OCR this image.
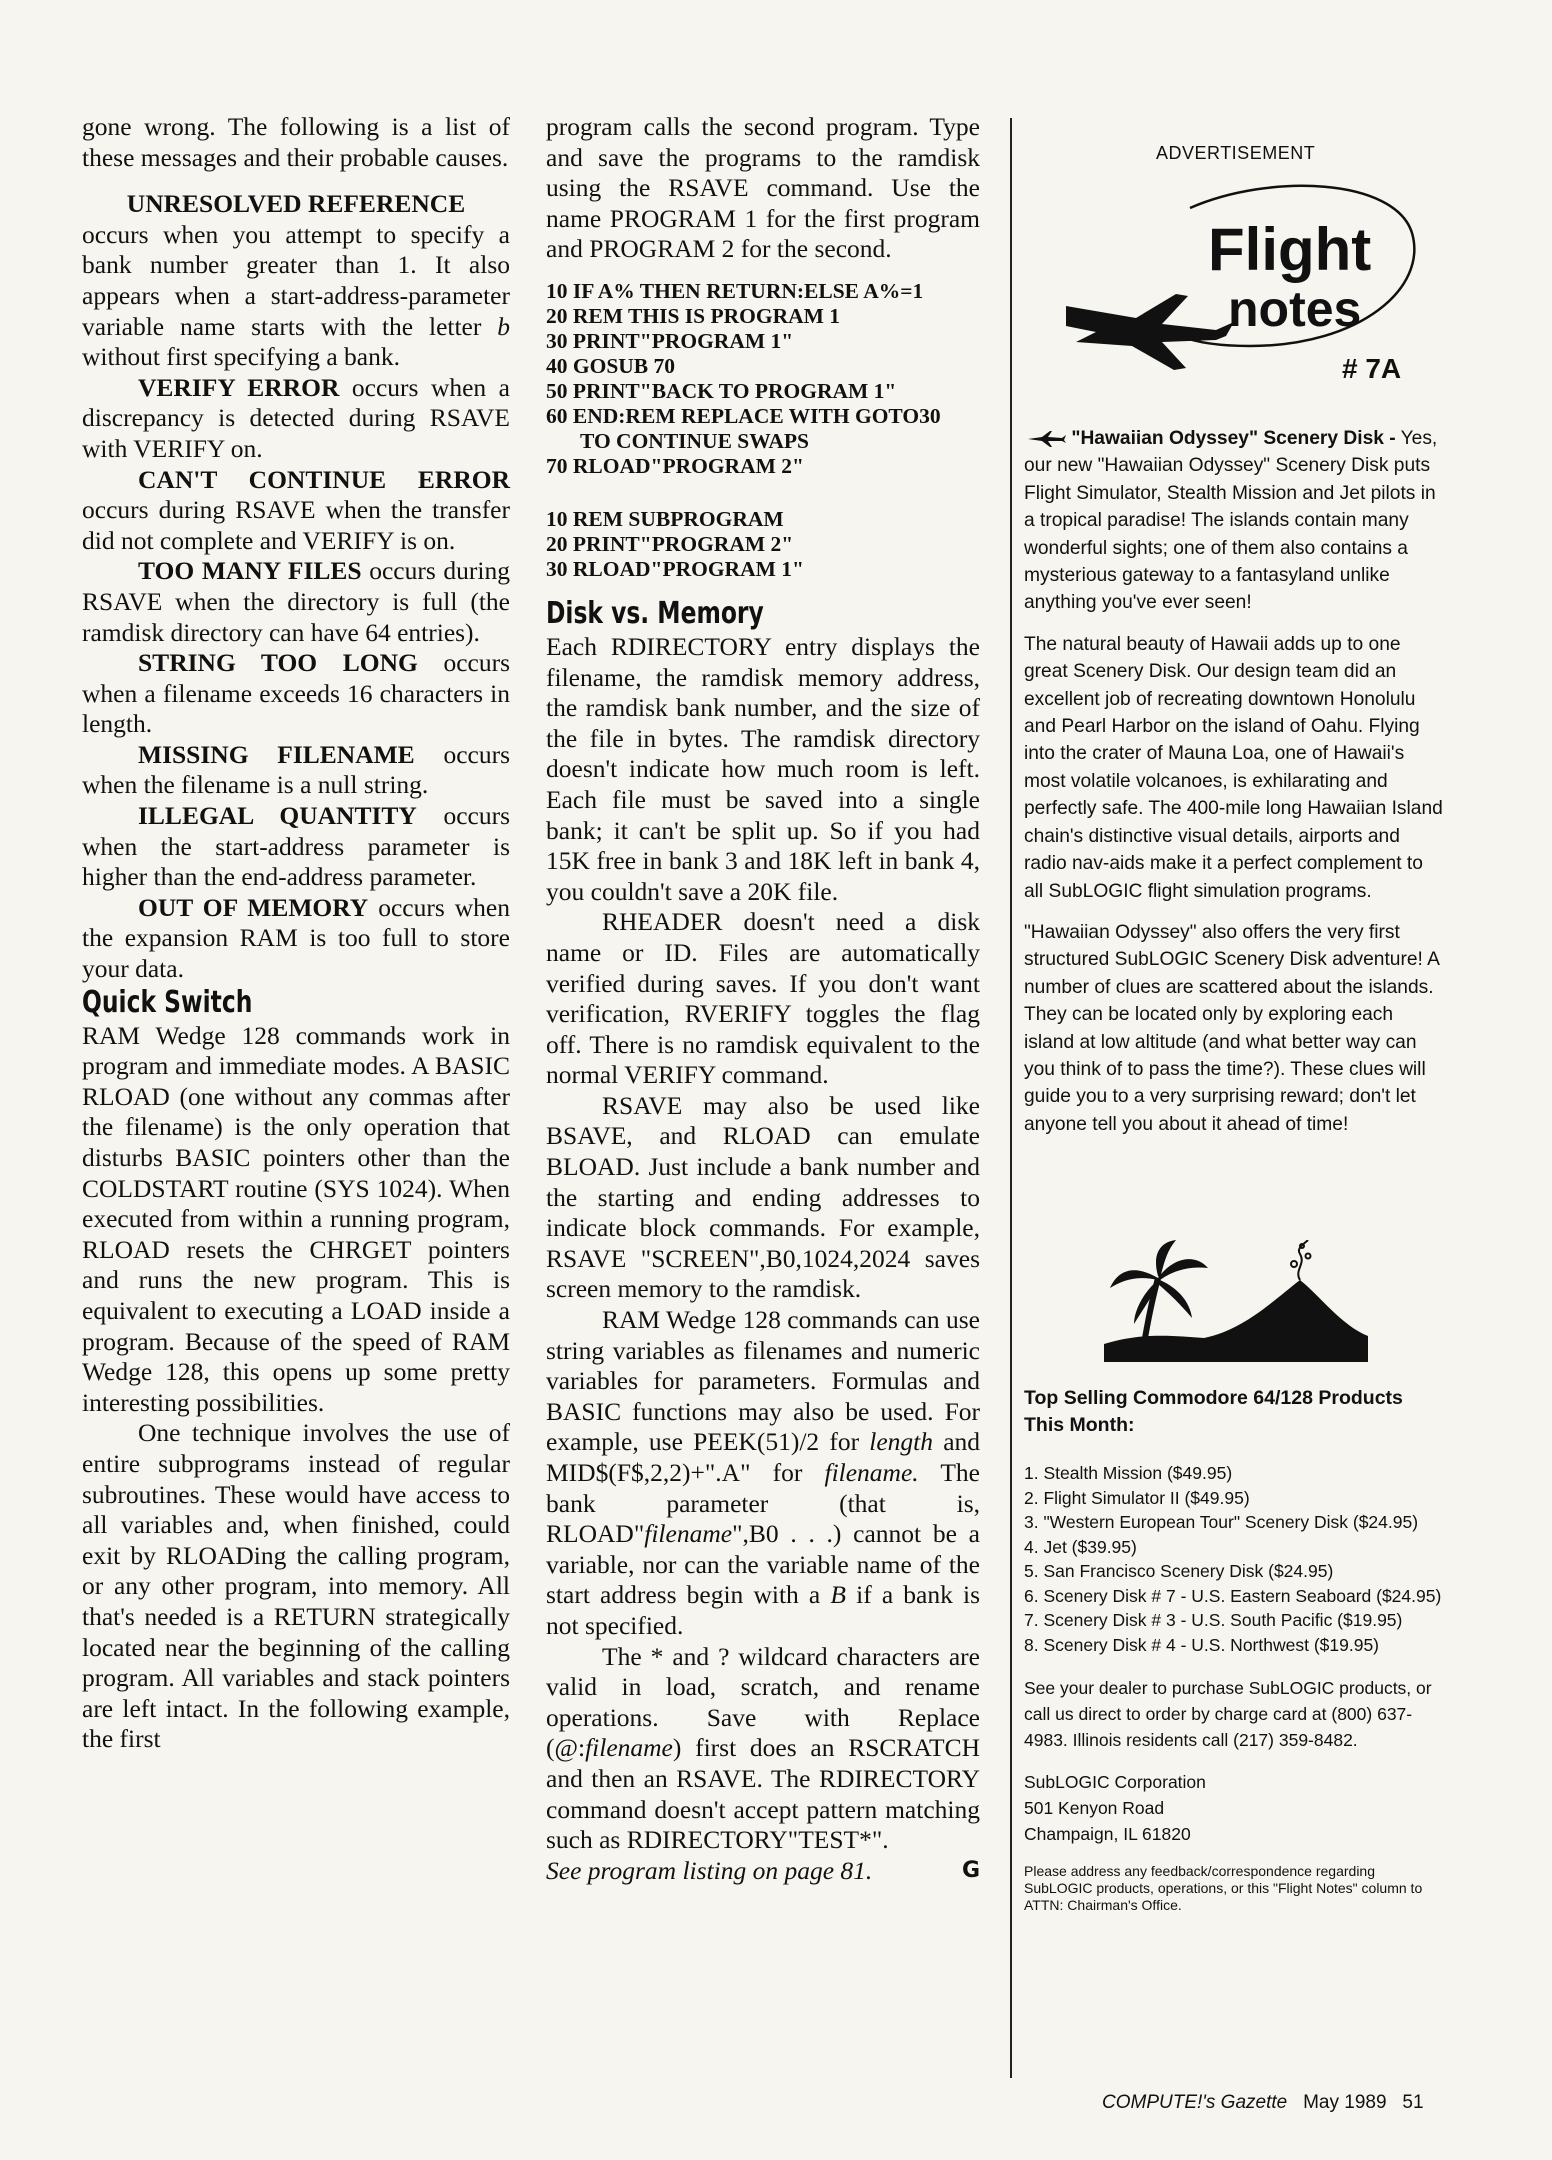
gone wrong. The following is a list of these messages and their probable causes.

UNRESOLVED REFERENCE

occurs when you attempt to specify a bank number greater than 1. It also appears when a start-address-parameter variable name starts with the letter b without first specifying a bank.

VERIFY ERROR occurs when a discrepancy is detected during RSAVE with VERIFY on.

CAN'T CONTINUE ERROR occurs during RSAVE when the transfer did not complete and VERIFY is on.

TOO MANY FILES occurs during RSAVE when the directory is full (the ramdisk directory can have 64 entries).

STRING TOO LONG occurs when a filename exceeds 16 characters in length.

MISSING FILENAME occurs when the filename is a null string.

ILLEGAL QUANTITY occurs when the start-address parameter is higher than the end-address parameter.

OUT OF MEMORY occurs when the expansion RAM is too full to store your data.

Quick Switch

RAM Wedge 128 commands work in program and immediate modes. A BASIC RLOAD (one without any commas after the filename) is the only operation that disturbs BASIC pointers other than the COLDSTART routine (SYS 1024). When executed from within a running program, RLOAD resets the CHRGET pointers and runs the new program. This is equivalent to executing a LOAD inside a program. Because of the speed of RAM Wedge 128, this opens up some pretty interesting possibilities.

One technique involves the use of entire subprograms instead of regular subroutines. These would have access to all variables and, when finished, could exit by RLOADing the calling program, or any other program, into memory. All that's needed is a RETURN strategically located near the beginning of the calling program. All variables and stack pointers are left intact. In the following example, the first

program calls the second program. Type and save the programs to the ramdisk using the RSAVE command. Use the name PROGRAM 1 for the first program and PROGRAM 2 for the second.

10 IF A% THEN RETURN:ELSE A%=1
20 REM THIS IS PROGRAM 1
30 PRINT"PROGRAM 1"
40 GOSUB 70
50 PRINT"BACK TO PROGRAM 1"
60 END:REM REPLACE WITH GOTO30
TO CONTINUE SWAPS
70 RLOAD"PROGRAM 2"
10 REM SUBPROGRAM
20 PRINT"PROGRAM 2"
30 RLOAD"PROGRAM 1"

Disk vs. Memory

Each RDIRECTORY entry displays the filename, the ramdisk memory address, the ramdisk bank number, and the size of the file in bytes. The ramdisk directory doesn't indicate how much room is left. Each file must be saved into a single bank; it can't be split up. So if you had 15K free in bank 3 and 18K left in bank 4, you couldn't save a 20K file.

RHEADER doesn't need a disk name or ID. Files are automatically verified during saves. If you don't want verification, RVERIFY toggles the flag off. There is no ramdisk equivalent to the normal VERIFY command.

RSAVE may also be used like BSAVE, and RLOAD can emulate BLOAD. Just include a bank number and the starting and ending addresses to indicate block commands. For example, RSAVE "SCREEN",B0,1024,2024 saves screen memory to the ramdisk.

RAM Wedge 128 commands can use string variables as filenames and numeric variables for parameters. Formulas and BASIC functions may also be used. For example, use PEEK(51)/2 for length and MID$(F$,2,2)+".A" for filename. The bank parameter (that is, RLOAD"filename",B0 . . .) cannot be a variable, nor can the variable name of the start address begin with a B if a bank is not specified.

The * and ? wildcard characters are valid in load, scratch, and rename operations. Save with Replace (@:filename) first does an RSCRATCH and then an RSAVE. The RDIRECTORY command doesn't accept pattern matching such as RDIRECTORY"TEST*".

See program listing on page 81.	G

ADVERTISEMENT
Flight
notes
# 7A

"Hawaiian Odyssey" Scenery Disk - Yes, our new "Hawaiian Odyssey" Scenery Disk puts Flight Simulator, Stealth Mission and Jet pilots in a tropical paradise! The islands contain many wonderful sights; one of them also contains a mysterious gateway to a fantasyland unlike anything you've ever seen!

The natural beauty of Hawaii adds up to one great Scenery Disk. Our design team did an excellent job of recreating downtown Honolulu and Pearl Harbor on the island of Oahu. Flying into the crater of Mauna Loa, one of Hawaii's most volatile volcanoes, is exhilarating and perfectly safe. The 400-mile long Hawaiian Island chain's distinctive visual details, airports and radio nav-aids make it a perfect complement to all SubLOGIC flight simulation programs.

"Hawaiian Odyssey" also offers the very first structured SubLOGIC Scenery Disk adventure! A number of clues are scattered about the islands. They can be located only by exploring each island at low altitude (and what better way can you think of to pass the time?). These clues will guide you to a very surprising reward; don't let anyone tell you about it ahead of time!

Top Selling Commodore 64/128 Products This Month:

1. Stealth Mission ($49.95)
2. Flight Simulator II ($49.95)
3. "Western European Tour" Scenery Disk ($24.95)
4. Jet ($39.95)
5. San Francisco Scenery Disk ($24.95)
6. Scenery Disk # 7 - U.S. Eastern Seaboard ($24.95)
7. Scenery Disk # 3 - U.S. South Pacific ($19.95)
8. Scenery Disk # 4 - U.S. Northwest ($19.95)

See your dealer to purchase SubLOGIC products, or call us direct to order by charge card at (800) 637-4983. Illinois residents call (217) 359-8482.

SubLOGIC Corporation
501 Kenyon Road
Champaign, IL 61820

Please address any feedback/correspondence regarding SubLOGIC products, operations, or this "Flight Notes" column to ATTN: Chairman's Office.

COMPUTE!'s Gazette May 1989 51
